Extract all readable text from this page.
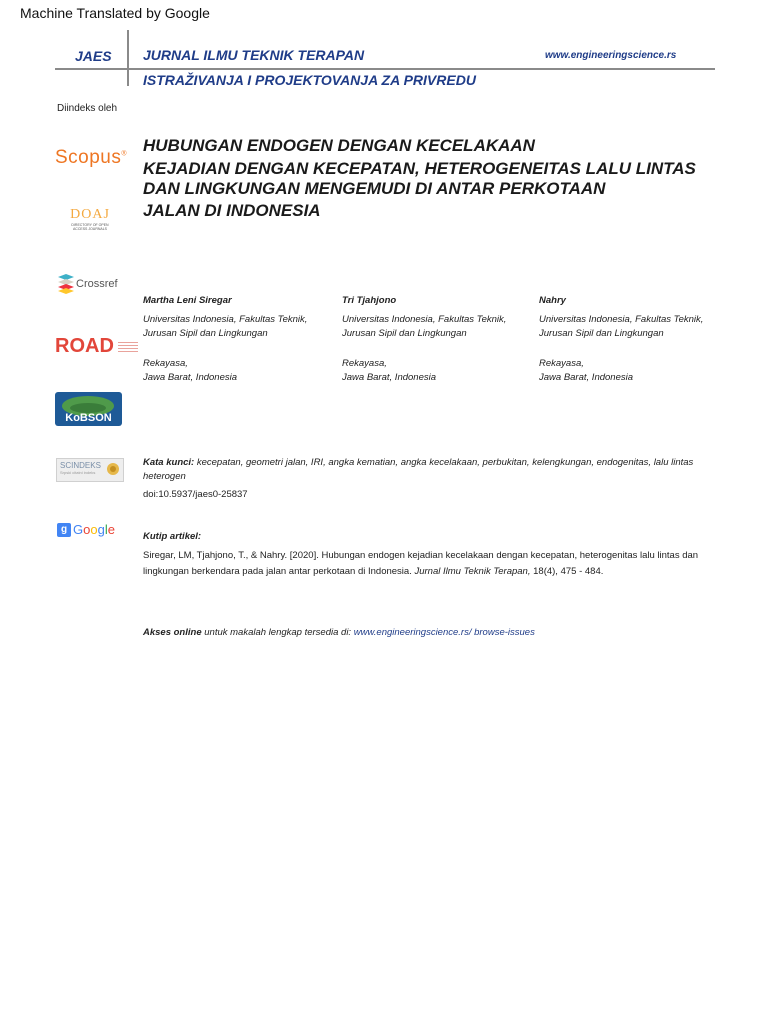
Machine Translated by Google
JAES JURNAL ILMU TEKNIK TERAPAN
ISTRAŽIVANJA I PROJEKTOVANJA ZA PRIVREDU
www.engineeringscience.rs
Diindeks oleh
Scopus®
DOAJ
DIRECTORY OF OPEN ACCESS JOURNALS
Crossref
ROAD
KoBSON
SCINDEKS
Srpski citatni indeks
g Google
HUBUNGAN ENDOGEN DENGAN KECELAKAAN
KEJADIAN DENGAN KECEPATAN, HETEROGENEITAS LALU LINTAS
DAN LINGKUNGAN MENGEMUDI DI ANTAR PERKOTAAN
JALAN DI INDONESIA
Martha Leni Siregar
Universitas Indonesia, Fakultas Teknik,
Jurusan Sipil dan Lingkungan
Rekayasa,
Jawa Barat, Indonesia
Tri Tjahjono
Universitas Indonesia, Fakultas Teknik,
Jurusan Sipil dan Lingkungan
Rekayasa,
Jawa Barat, Indonesia
Nahry
Universitas Indonesia, Fakultas Teknik,
Jurusan Sipil dan Lingkungan
Rekayasa,
Jawa Barat, Indonesia
Kata kunci: kecepatan, geometri jalan, IRI, angka kematian, angka kecelakaan, perbukitan, kelengkungan, endogenitas, lalu lintas heterogen
doi:10.5937/jaes0-25837
Kutip artikel:
Siregar, LM, Tjahjono, T., & Nahry. [2020]. Hubungan endogen kejadian kecelakaan dengan kecepatan, heterogenitas lalu lintas dan lingkungan berkendara pada jalan antar perkotaan di Indonesia. Jurnal Ilmu Teknik Terapan, 18(4), 475 - 484.
Akses online untuk makalah lengkap tersedia di: www.engineeringscience.rs/ browse-issues
